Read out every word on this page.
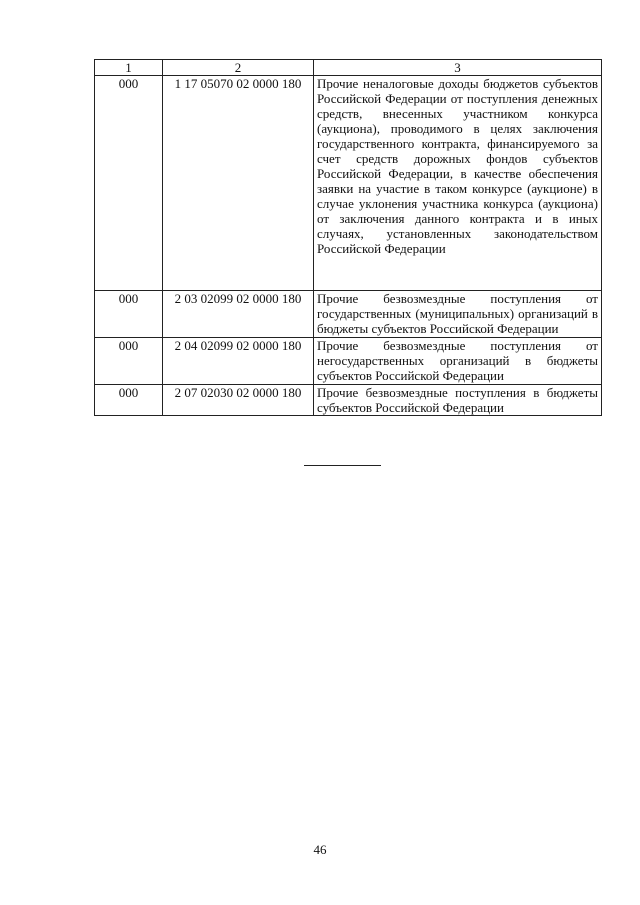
1	2	3
000	1 17 05070 02 0000 180	Прочие неналоговые доходы бюджетов субъектов Российской Федерации от поступления денежных средств, внесенных участником конкурса (аукциона), проводимого в целях заключения государственного контракта, финансируемого за счет средств дорожных фондов субъектов Российской Федерации, в качестве обеспечения заявки на участие в таком конкурсе (аукционе) в случае уклонения участника конкурса (аукциона) от заключения данного контракта и в иных случаях, установленных законодательством Российской Федерации
000	2 03 02099 02 0000 180	Прочие безвозмездные поступления от государственных (муниципальных) организаций в бюджеты субъектов Российской Федерации
000	2 04 02099 02 0000 180	Прочие безвозмездные поступления от негосударственных организаций в бюджеты субъектов Российской Федерации
000	2 07 02030 02 0000 180	Прочие безвозмездные поступления в бюджеты субъектов Российской Федерации
46
